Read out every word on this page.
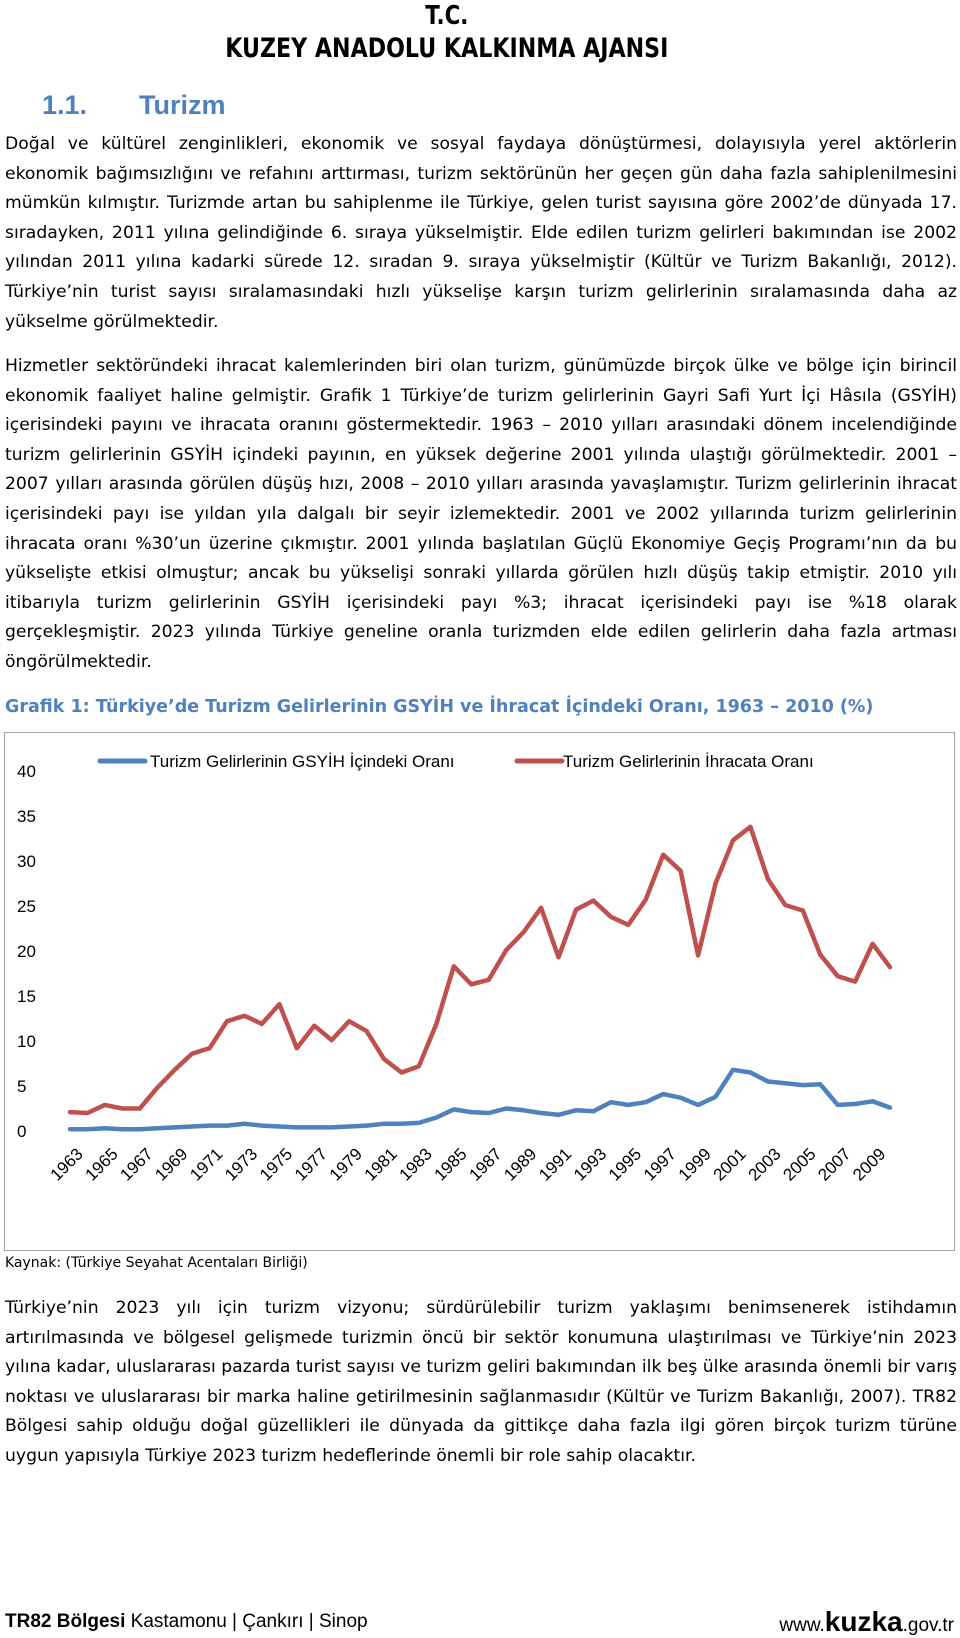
T.C.
KUZEY ANADOLU KALKINMA AJANSI
1.1. Turizm
Doğal ve kültürel zenginlikleri, ekonomik ve sosyal faydaya dönüştürmesi, dolayısıyla yerel aktörlerin ekonomik bağımsızlığını ve refahını arttırması, turizm sektörünün her geçen gün daha fazla sahiplenilmesini mümkün kılmıştır. Turizmde artan bu sahiplenme ile Türkiye, gelen turist sayısına göre 2002’de dünyada 17. sıradayken, 2011 yılına gelindiğinde 6. sıraya yükselmiştir. Elde edilen turizm gelirleri bakımından ise 2002 yılından 2011 yılına kadarki sürede 12. sıradan 9. sıraya yükselmiştir (Kültür ve Turizm Bakanlığı, 2012). Türkiye’nin turist sayısı sıralamasındaki hızlı yükselişe karşın turizm gelirlerinin sıralamasında daha az yükselme görülmektedir.
Hizmetler sektöründeki ihracat kalemlerinden biri olan turizm, günümüzde birçok ülke ve bölge için birincil ekonomik faaliyet haline gelmiştir. Grafik 1 Türkiye’de turizm gelirlerinin Gayri Safi Yurt İçi Hâsıla (GSYİH) içerisindeki payını ve ihracata oranını göstermektedir. 1963 – 2010 yılları arasındaki dönem incelendiğinde turizm gelirlerinin GSYİH içindeki payının, en yüksek değerine 2001 yılında ulaştığı görülmektedir. 2001 – 2007 yılları arasında görülen düşüş hızı, 2008 – 2010 yılları arasında yavaşlamıştır. Turizm gelirlerinin ihracat içerisindeki payı ise yıldan yıla dalgalı bir seyir izlemektedir. 2001 ve 2002 yıllarında turizm gelirlerinin ihracata oranı %30’un üzerine çıkmıştır. 2001 yılında başlatılan Güçlü Ekonomiye Geçiş Programı’nın da bu yükselişte etkisi olmuştur; ancak bu yükselişi sonraki yıllarda görülen hızlı düşüş takip etmiştir. 2010 yılı itibarıyla turizm gelirlerinin GSYİH içerisindeki payı %3; ihracat içerisindeki payı ise %18 olarak gerçekleşmiştir. 2023 yılında Türkiye geneline oranla turizmden elde edilen gelirlerin daha fazla artması öngörülmektedir.
Grafik 1: Türkiye’de Turizm Gelirlerinin GSYİH ve İhracat İçindeki Oranı, 1963 – 2010 (%)
0
5
10
15
20
25
30
35
40
1963
1965
1967
1969
1971
1973
1975
1977
1979
1981
1983
1985
1987
1989
1991
1993
1995
1997
1999
2001
2003
2005
2007
2009
Turizm Gelirlerinin GSYİH İçindeki Oranı	Turizm Gelirlerinin İhracata Oranı
Kaynak: (Türkiye Seyahat Acentaları Birliği)
Türkiye’nin 2023 yılı için turizm vizyonu; sürdürülebilir turizm yaklaşımı benimsenerek istihdamın artırılmasında ve bölgesel gelişmede turizmin öncü bir sektör konumuna ulaştırılması ve Türkiye’nin 2023 yılına kadar, uluslararası pazarda turist sayısı ve turizm geliri bakımından ilk beş ülke arasında önemli bir varış noktası ve uluslararası bir marka haline getirilmesinin sağlanmasıdır (Kültür ve Turizm Bakanlığı, 2007). TR82 Bölgesi sahip olduğu doğal güzellikleri ile dünyada da gittikçe daha fazla ilgi gören birçok turizm türüne uygun yapısıyla Türkiye 2023 turizm hedeflerinde önemli bir role sahip olacaktır.
TR82 Bölgesi Kastamonu | Çankırı | Sinop	www.kuzka.gov.tr
